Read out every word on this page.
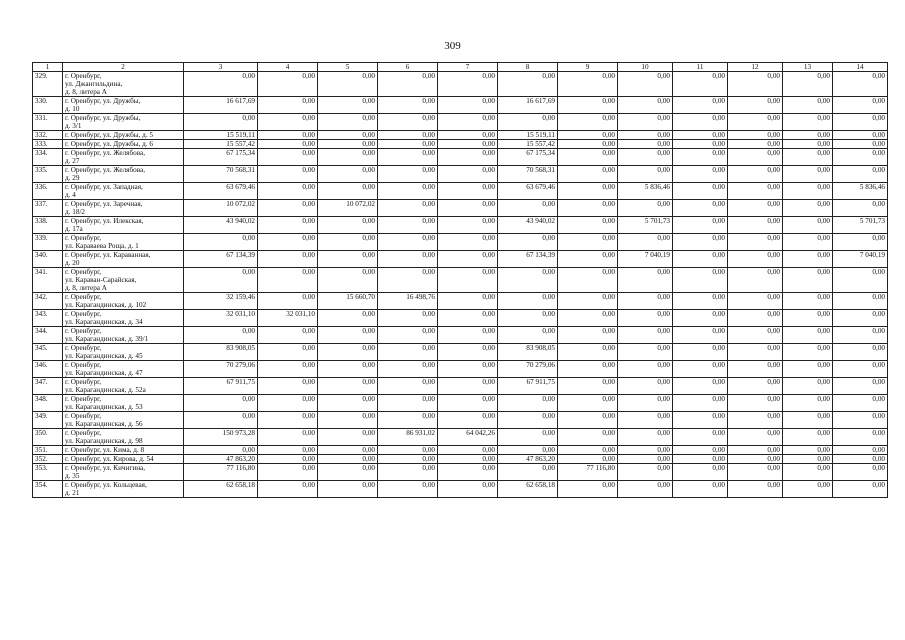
309
1	2	3	4	5	6	7	8	9	10	11	12	13	14
329.	г. Оренбург,
ул. Джангильдина,
д. 8, литера А	0,00	0,00	0,00	0,00	0,00	0,00	0,00	0,00	0,00	0,00	0,00	0,00
330.	г. Оренбург, ул. Дружбы,
д. 10	16 617,69	0,00	0,00	0,00	0,00	16 617,69	0,00	0,00	0,00	0,00	0,00	0,00
331.	г. Оренбург, ул. Дружбы,
д. 3/1	0,00	0,00	0,00	0,00	0,00	0,00	0,00	0,00	0,00	0,00	0,00	0,00
332.	г. Оренбург, ул. Дружбы, д. 5	15 519,11	0,00	0,00	0,00	0,00	15 519,11	0,00	0,00	0,00	0,00	0,00	0,00
333.	г. Оренбург, ул. Дружбы, д. 6	15 557,42	0,00	0,00	0,00	0,00	15 557,42	0,00	0,00	0,00	0,00	0,00	0,00
334.	г. Оренбург, ул. Желябова,
д. 27	67 175,34	0,00	0,00	0,00	0,00	67 175,34	0,00	0,00	0,00	0,00	0,00	0,00
335.	г. Оренбург, ул. Желябова,
д. 29	70 568,31	0,00	0,00	0,00	0,00	70 568,31	0,00	0,00	0,00	0,00	0,00	0,00
336.	г. Оренбург, ул. Западная,
д. 4	63 679,46	0,00	0,00	0,00	0,00	63 679,46	0,00	5 836,46	0,00	0,00	0,00	5 836,46
337.	г. Оренбург, ул. Заречная,
д. 18/2	10 072,02	0,00	10 072,02	0,00	0,00	0,00	0,00	0,00	0,00	0,00	0,00	0,00
338.	г. Оренбург, ул. Илекская,
д. 17а	43 940,02	0,00	0,00	0,00	0,00	43 940,02	0,00	5 701,73	0,00	0,00	0,00	5 701,73
339.	г. Оренбург,
ул. Караваева Роща, д. 1	0,00	0,00	0,00	0,00	0,00	0,00	0,00	0,00	0,00	0,00	0,00	0,00
340.	г. Оренбург, ул. Караванная,
д. 20	67 134,39	0,00	0,00	0,00	0,00	67 134,39	0,00	7 040,19	0,00	0,00	0,00	7 040,19
341.	г. Оренбург,
ул. Караван-Сарайская,
д. 8, литера А	0,00	0,00	0,00	0,00	0,00	0,00	0,00	0,00	0,00	0,00	0,00	0,00
342.	г. Оренбург,
ул. Карагандинская, д. 102	32 159,46	0,00	15 660,70	16 498,76	0,00	0,00	0,00	0,00	0,00	0,00	0,00	0,00
343.	г. Оренбург,
ул. Карагандинская, д. 34	32 031,10	32 031,10	0,00	0,00	0,00	0,00	0,00	0,00	0,00	0,00	0,00	0,00
344.	г. Оренбург,
ул. Карагандинская, д. 39/1	0,00	0,00	0,00	0,00	0,00	0,00	0,00	0,00	0,00	0,00	0,00	0,00
345.	г. Оренбург,
ул. Карагандинская, д. 45	83 908,05	0,00	0,00	0,00	0,00	83 908,05	0,00	0,00	0,00	0,00	0,00	0,00
346.	г. Оренбург,
ул. Карагандинская, д. 47	70 279,06	0,00	0,00	0,00	0,00	70 279,06	0,00	0,00	0,00	0,00	0,00	0,00
347.	г. Оренбург,
ул. Карагандинская, д. 52а	67 911,75	0,00	0,00	0,00	0,00	67 911,75	0,00	0,00	0,00	0,00	0,00	0,00
348.	г. Оренбург,
ул. Карагандинская, д. 53	0,00	0,00	0,00	0,00	0,00	0,00	0,00	0,00	0,00	0,00	0,00	0,00
349.	г. Оренбург,
ул. Карагандинская, д. 56	0,00	0,00	0,00	0,00	0,00	0,00	0,00	0,00	0,00	0,00	0,00	0,00
350.	г. Оренбург,
ул. Карагандинская, д. 98	150 973,28	0,00	0,00	86 931,02	64 042,26	0,00	0,00	0,00	0,00	0,00	0,00	0,00
351.	г. Оренбург, ул. Кима, д. 8	0,00	0,00	0,00	0,00	0,00	0,00	0,00	0,00	0,00	0,00	0,00	0,00
352.	г. Оренбург, ул. Кирова, д. 54	47 863,20	0,00	0,00	0,00	0,00	47 863,20	0,00	0,00	0,00	0,00	0,00	0,00
353.	г. Оренбург, ул. Кичигина,
д. 35	77 116,80	0,00	0,00	0,00	0,00	0,00	77 116,80	0,00	0,00	0,00	0,00	0,00
354.	г. Оренбург, ул. Кольцевая,
д. 21	62 658,18	0,00	0,00	0,00	0,00	62 658,18	0,00	0,00	0,00	0,00	0,00	0,00
